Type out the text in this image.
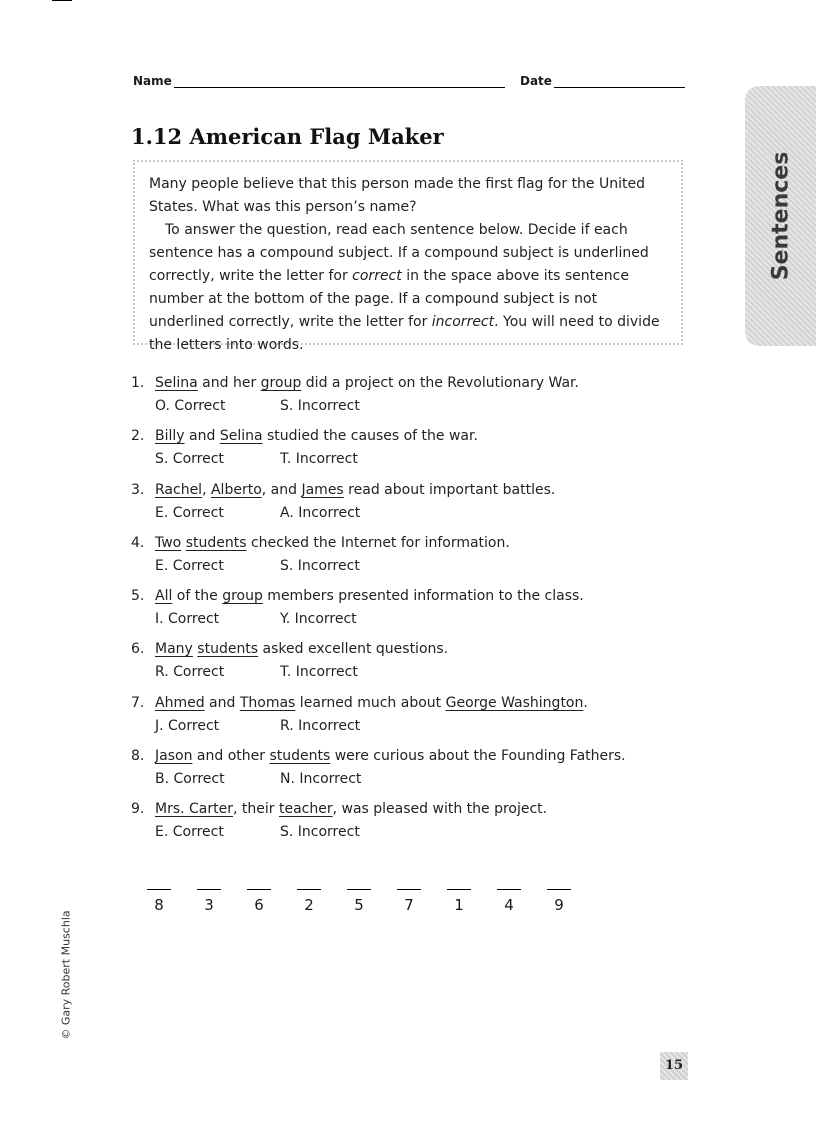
Name	Date
1.12 American Flag Maker

Many people believe that this person made the first flag for the United States. What was this person’s name?

To answer the question, read each sentence below. Decide if each sentence has a compound subject. If a compound subject is underlined correctly, write the letter for correct in the space above its sentence number at the bottom of the page. If a compound subject is not underlined correctly, write the letter for incorrect. You will need to divide the letters into words.

Sentences
1. Selina and her group did a project on the Revolutionary War.
O. Correct	S. Incorrect
2. Billy and Selina studied the causes of the war.
S. Correct	T. Incorrect
3. Rachel, Alberto, and James read about important battles.
E. Correct	A. Incorrect
4. Two students checked the Internet for information.
E. Correct	S. Incorrect
5. All of the group members presented information to the class.
I. Correct	Y. Incorrect
6. Many students asked excellent questions.
R. Correct	T. Incorrect
7. Ahmed and Thomas learned much about George Washington.
J. Correct	R. Incorrect
8. Jason and other students were curious about the Founding Fathers.
B. Correct	N. Incorrect
9. Mrs. Carter, their teacher, was pleased with the project.
E. Correct	S. Incorrect
8	3	6	2	5	7	1	4	9
© Gary Robert Muschla
15
